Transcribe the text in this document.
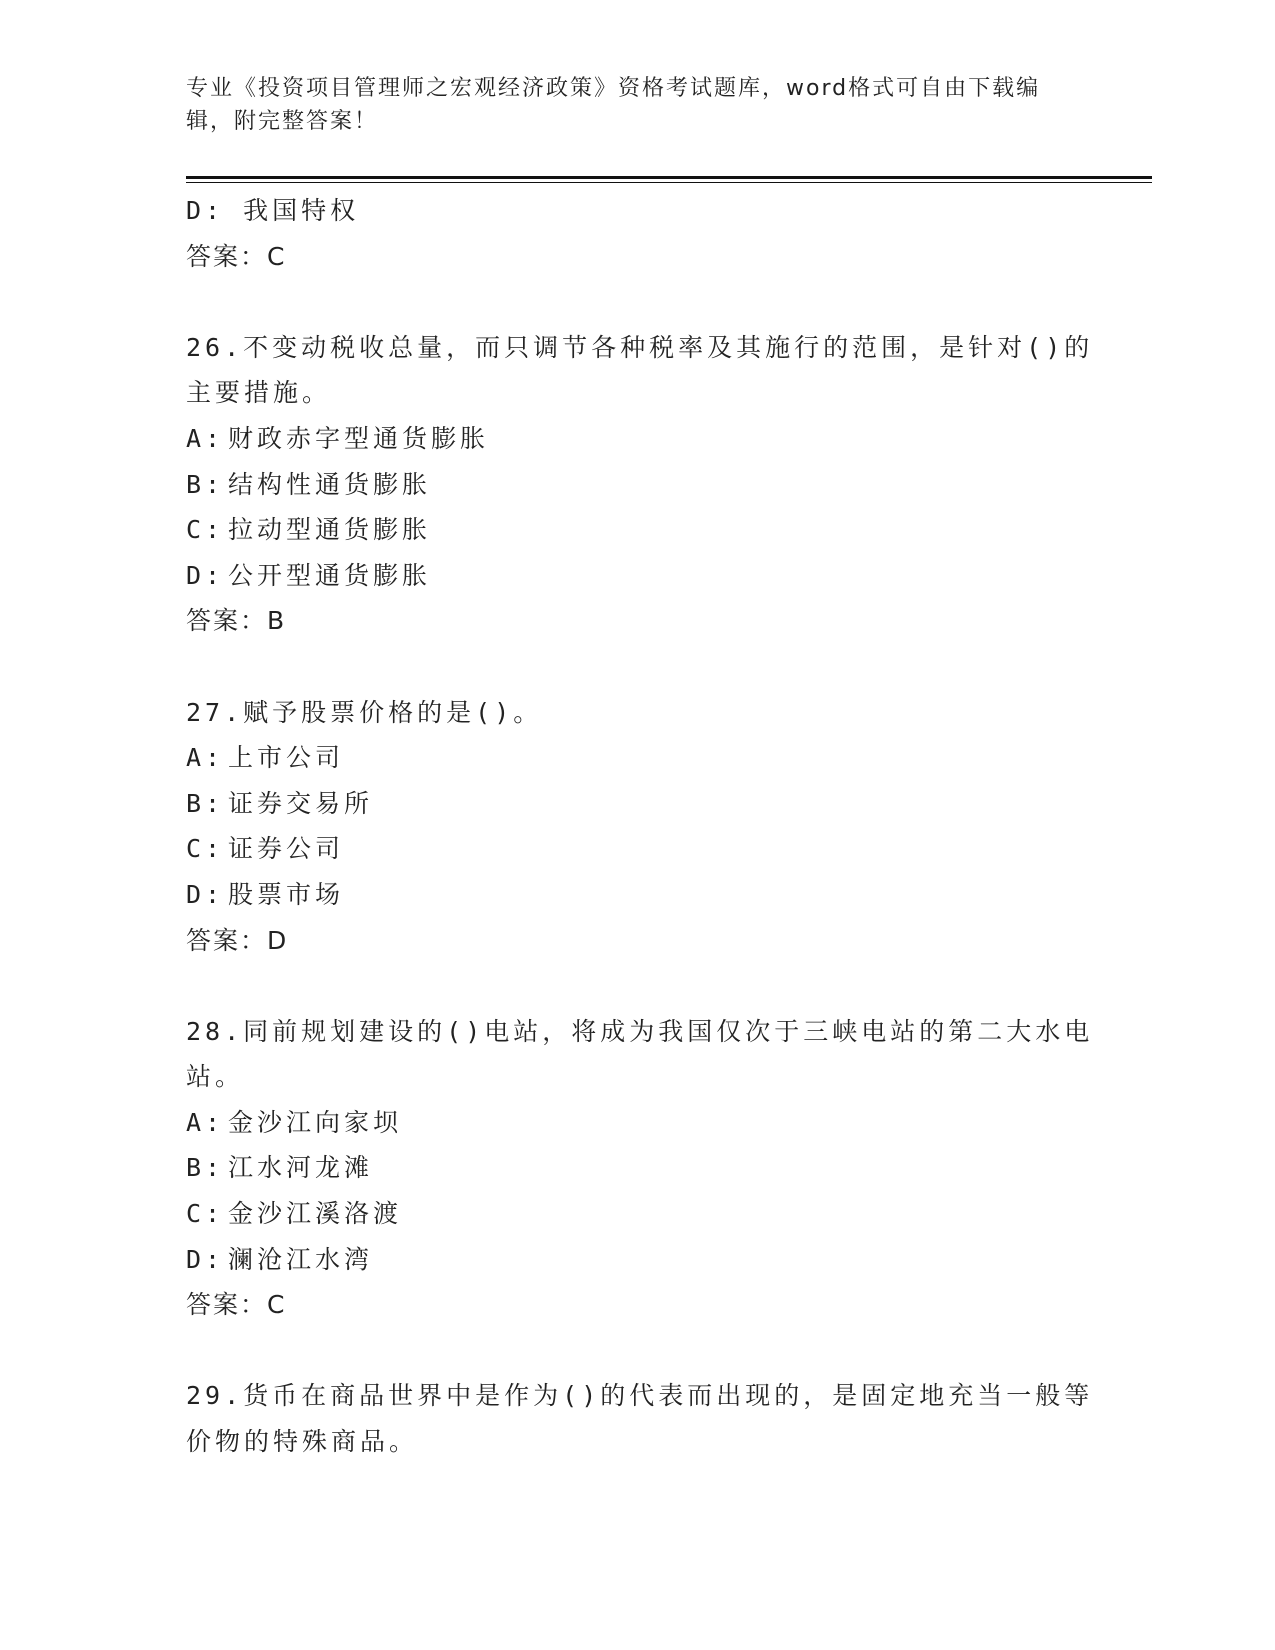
专业《投资项目管理师之宏观经济政策》资格考试题库，word格式可自由下载编
辑，附完整答案！
D: 我国特权
答案：C
26.不变动税收总量，而只调节各种税率及其施行的范围，是针对()的
主要措施。
A: 财政赤字型通货膨胀
B: 结构性通货膨胀
C: 拉动型通货膨胀
D: 公开型通货膨胀
答案：B
27.赋予股票价格的是()。
A: 上市公司
B: 证券交易所
C: 证券公司
D: 股票市场
答案：D
28.同前规划建设的()电站，将成为我国仅次于三峡电站的第二大水电
站。
A: 金沙江向家坝
B: 江水河龙滩
C: 金沙江溪洛渡
D: 澜沧江水湾
答案：C
29.货币在商品世界中是作为()的代表而出现的，是固定地充当一般等
价物的特殊商品。
